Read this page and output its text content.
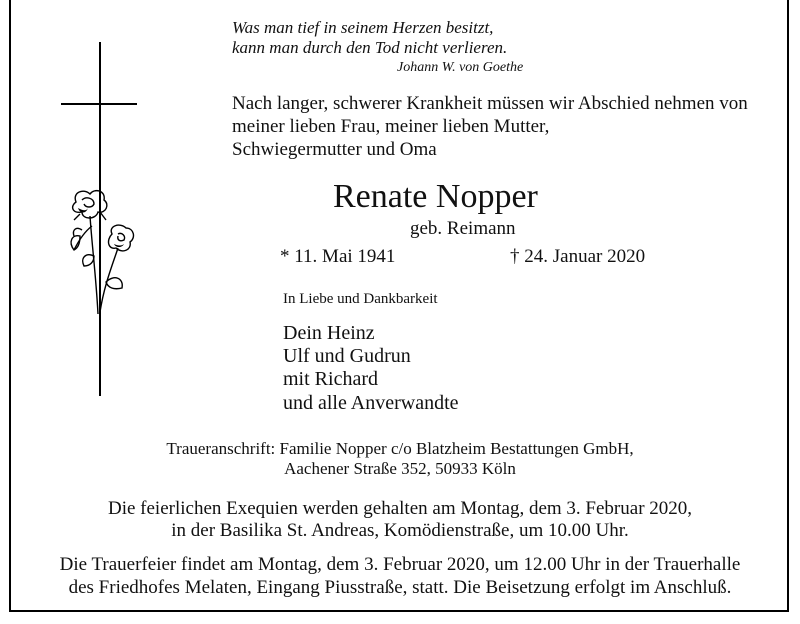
Was man tief in seinem Herzen besitzt,
kann man durch den Tod nicht verlieren.
Johann W. von Goethe
Nach langer, schwerer Krankheit müssen wir Abschied nehmen von
meiner lieben Frau, meiner lieben Mutter,
Schwiegermutter und Oma
Renate Nopper
geb. Reimann
* 11. Mai 1941	† 24. Januar 2020
In Liebe und Dankbarkeit
Dein Heinz
Ulf und Gudrun
mit Richard
und alle Anverwandte
Traueranschrift: Familie Nopper c/o Blatzheim Bestattungen GmbH,
Aachener Straße 352, 50933 Köln
Die feierlichen Exequien werden gehalten am Montag, dem 3. Februar 2020,
in der Basilika St. Andreas, Komödienstraße, um 10.00 Uhr.
Die Trauerfeier findet am Montag, dem 3. Februar 2020, um 12.00 Uhr in der Trauerhalle
des Friedhofes Melaten, Eingang Piusstraße, statt. Die Beisetzung erfolgt im Anschluß.
